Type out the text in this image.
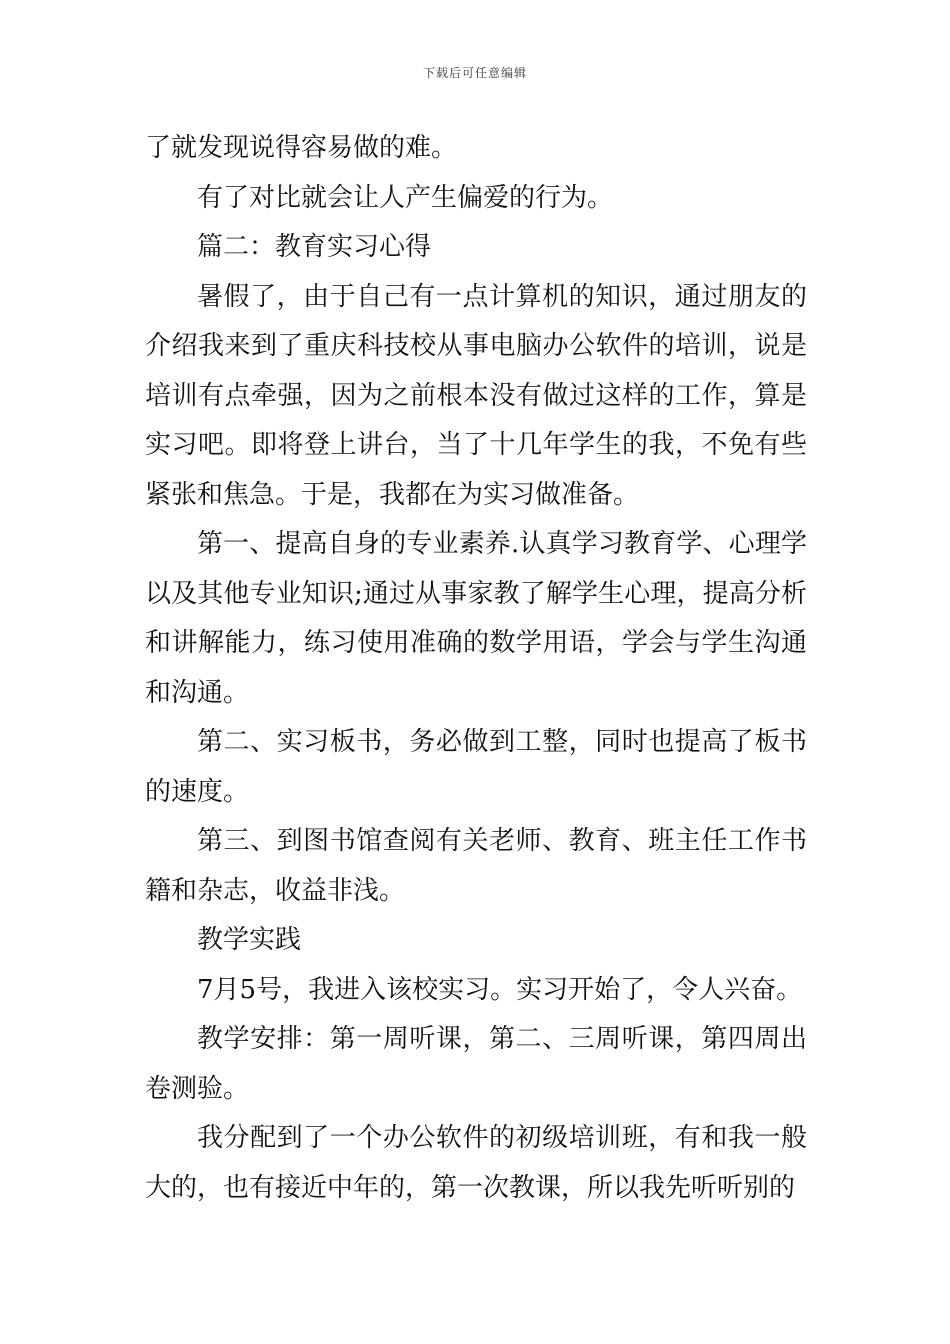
下载后可任意编辑

了就发现说得容易做的难。

有了对比就会让人产生偏爱的行为。

篇二：教育实习心得

暑假了，由于自己有一点计算机的知识，通过朋友的介绍我来到了重庆科技校从事电脑办公软件的培训，说是培训有点牵强，因为之前根本没有做过这样的工作，算是实习吧。即将登上讲台，当了十几年学生的我，不免有些紧张和焦急。于是，我都在为实习做准备。

第一、提高自身的专业素养.认真学习教育学、心理学以及其他专业知识;通过从事家教了解学生心理，提高分析和讲解能力，练习使用准确的数学用语，学会与学生沟通和沟通。

第二、实习板书，务必做到工整，同时也提高了板书的速度。

第三、到图书馆查阅有关老师、教育、班主任工作书籍和杂志，收益非浅。

教学实践

7月5号，我进入该校实习。实习开始了，令人兴奋。

教学安排：第一周听课，第二、三周听课，第四周出卷测验。

我分配到了一个办公软件的初级培训班，有和我一般大的，也有接近中年的，第一次教课，所以我先听听别的
